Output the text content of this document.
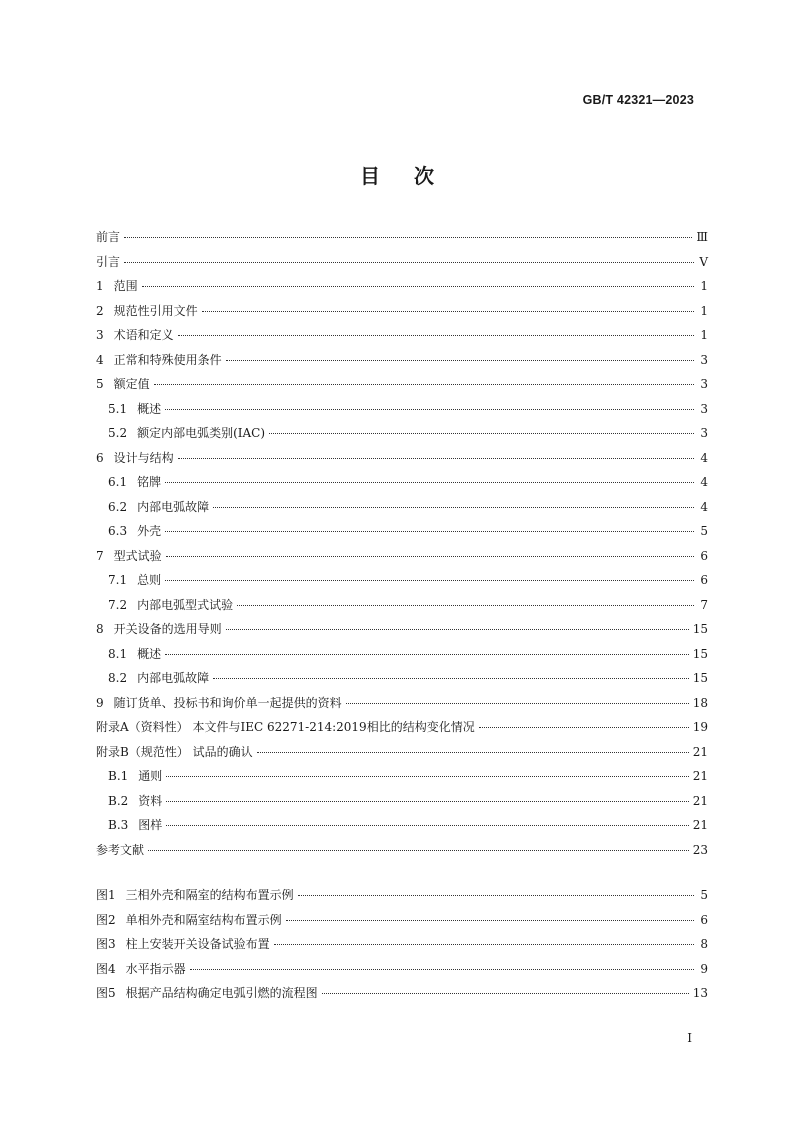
GB/T 42321—2023
目次
前言	Ⅲ
引言	V
1 范围	1
2 规范性引用文件	1
3 术语和定义	1
4 正常和特殊使用条件	3
5 额定值	3
5.1 概述	3
5.2 额定内部电弧类别(IAC)	3
6 设计与结构	4
6.1 铭牌	4
6.2 内部电弧故障	4
6.3 外壳	5
7 型式试验	6
7.1 总则	6
7.2 内部电弧型式试验	7
8 开关设备的选用导则	15
8.1 概述	15
8.2 内部电弧故障	15
9 随订货单、投标书和询价单一起提供的资料	18
附录A（资料性） 本文件与IEC 62271-214:2019相比的结构变化情况	19
附录B（规范性） 试品的确认	21
B.1 通则	21
B.2 资料	21
B.3 图样	21
参考文献	23
图1 三相外壳和隔室的结构布置示例	5
图2 单相外壳和隔室结构布置示例	6
图3 柱上安装开关设备试验布置	8
图4 水平指示器	9
图5 根据产品结构确定电弧引燃的流程图	13
I
